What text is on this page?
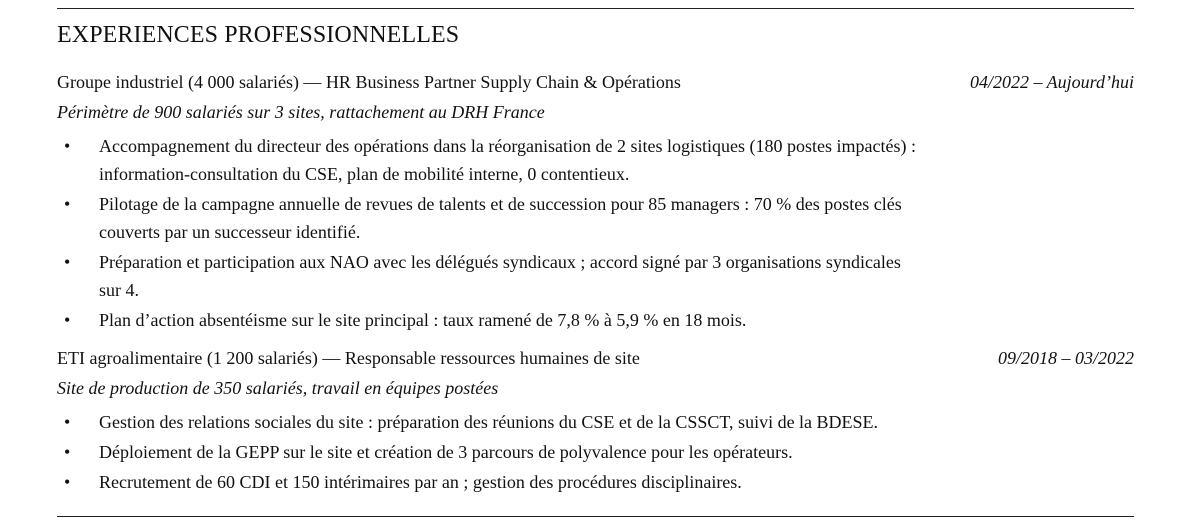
EXPERIENCES PROFESSIONNELLES
Groupe industriel (4 000 salariés) — HR Business Partner Supply Chain & Opérations	04/2022 – Aujourd’hui
Périmètre de 900 salariés sur 3 sites, rattachement au DRH France
• Accompagnement du directeur des opérations dans la réorganisation de 2 sites logistiques (180 postes impactés) : information-consultation du CSE, plan de mobilité interne, 0 contentieux.
• Pilotage de la campagne annuelle de revues de talents et de succession pour 85 managers : 70 % des postes clés couverts par un successeur identifié.
• Préparation et participation aux NAO avec les délégués syndicaux ; accord signé par 3 organisations syndicales sur 4.
• Plan d’action absentéisme sur le site principal : taux ramené de 7,8 % à 5,9 % en 18 mois.
ETI agroalimentaire (1 200 salariés) — Responsable ressources humaines de site	09/2018 – 03/2022
Site de production de 350 salariés, travail en équipes postées
• Gestion des relations sociales du site : préparation des réunions du CSE et de la CSSCT, suivi de la BDESE.
• Déploiement de la GEPP sur le site et création de 3 parcours de polyvalence pour les opérateurs.
• Recrutement de 60 CDI et 150 intérimaires par an ; gestion des procédures disciplinaires.
